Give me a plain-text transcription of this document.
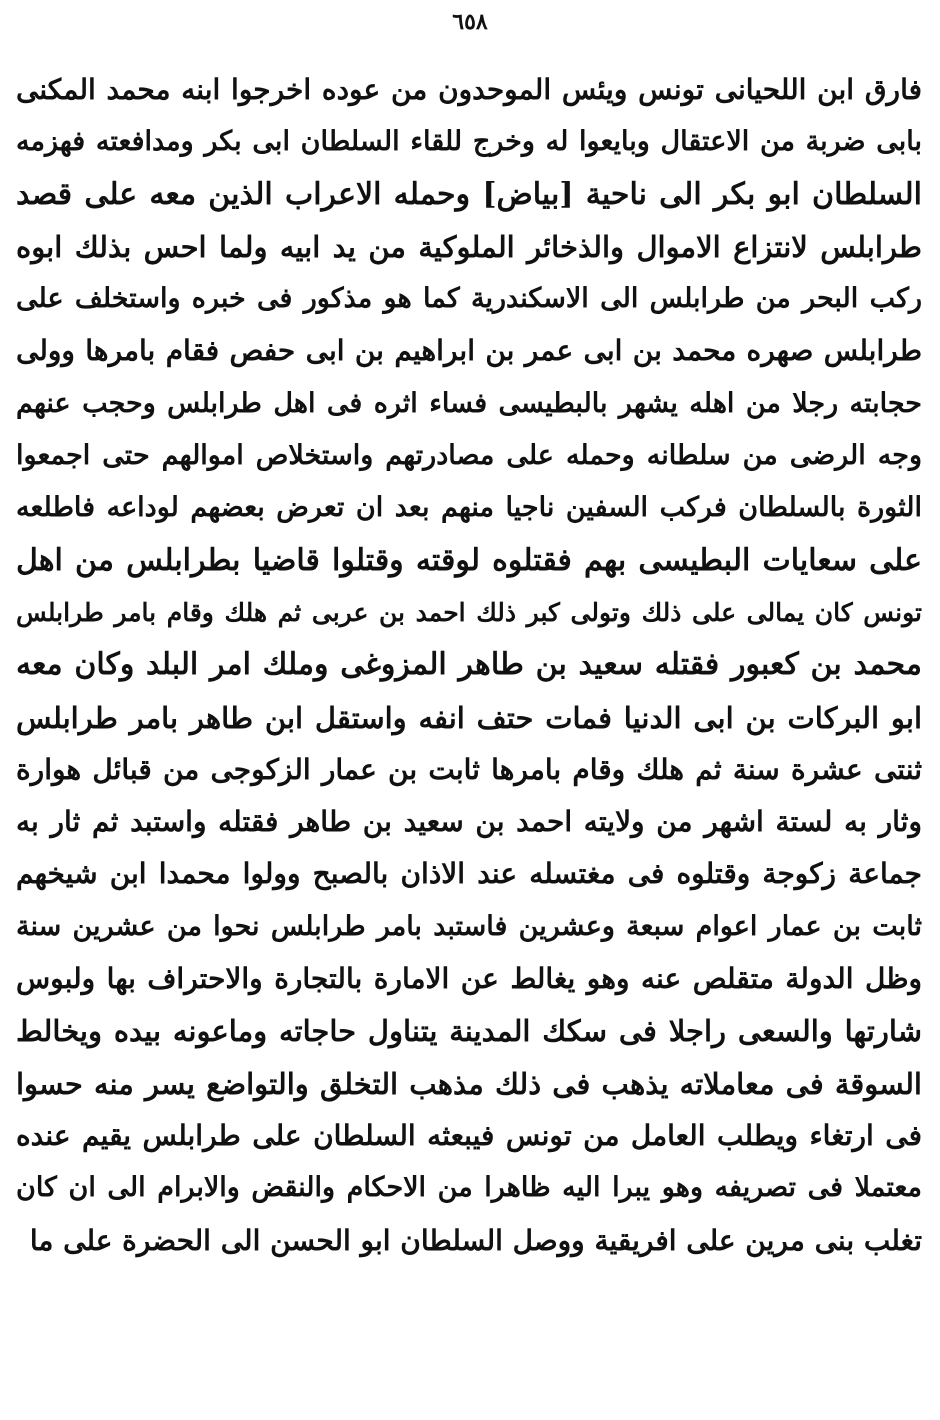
٦٥٨
فارق ابن اللحيانى تونس ويئس الموحدون من عوده اخرجوا ابنه محمد المكنى
بابى ضربة من الاعتقال وبايعوا له وخرج للقاء السلطان ابى بكر ومدافعته فهزمه
السلطان ابو بكر الى ناحية [بياض] وحمله الاعراب الذين معه على قصد
طرابلس لانتزاع الاموال والذخائر الملوكية من يد ابيه ولما احس بذلك ابوه
ركب البحر من طرابلس الى الاسكندرية كما هو مذكور فى خبره واستخلف على
طرابلس صهره محمد بن ابى عمر بن ابراهيم بن ابى حفص فقام بامرها وولى
حجابته رجلا من اهله يشهر بالبطيسى فساء اثره فى اهل طرابلس وحجب عنهم
وجه الرضى من سلطانه وحمله على مصادرتهم واستخلاص اموالهم حتى اجمعوا
الثورة بالسلطان فركب السفين ناجيا منهم بعد ان تعرض بعضهم لوداعه فاطلعه
على سعايات البطيسى بهم فقتلوه لوقته وقتلوا قاضيا بطرابلس من اهل
تونس كان يمالى على ذلك وتولى كبر ذلك احمد بن عربى ثم هلك وقام بامر طرابلس
محمد بن كعبور فقتله سعيد بن طاهر المزوغى وملك امر البلد وكان معه
ابو البركات بن ابى الدنيا فمات حتف انفه واستقل ابن طاهر بامر طرابلس
ثنتى عشرة سنة ثم هلك وقام بامرها ثابت بن عمار الزكوجى من قبائل هوارة
وثار به لستة اشهر من ولايته احمد بن سعيد بن طاهر فقتله واستبد ثم ثار به
جماعة زكوجة وقتلوه فى مغتسله عند الاذان بالصبح وولوا محمدا ابن شيخهم
ثابت بن عمار اعوام سبعة وعشرين فاستبد بامر طرابلس نحوا من عشرين سنة
وظل الدولة متقلص عنه وهو يغالط عن الامارة بالتجارة والاحتراف بها ولبوس
شارتها والسعى راجلا فى سكك المدينة يتناول حاجاته وماعونه بيده ويخالط
السوقة فى معاملاته يذهب فى ذلك مذهب التخلق والتواضع يسر منه حسوا
فى ارتغاء ويطلب العامل من تونس فيبعثه السلطان على طرابلس يقيم عنده
معتملا فى تصريفه وهو يبرا اليه ظاهرا من الاحكام والنقض والابرام الى ان كان
تغلب بنى مرين على افريقية ووصل السلطان ابو الحسن الى الحضرة على ما
